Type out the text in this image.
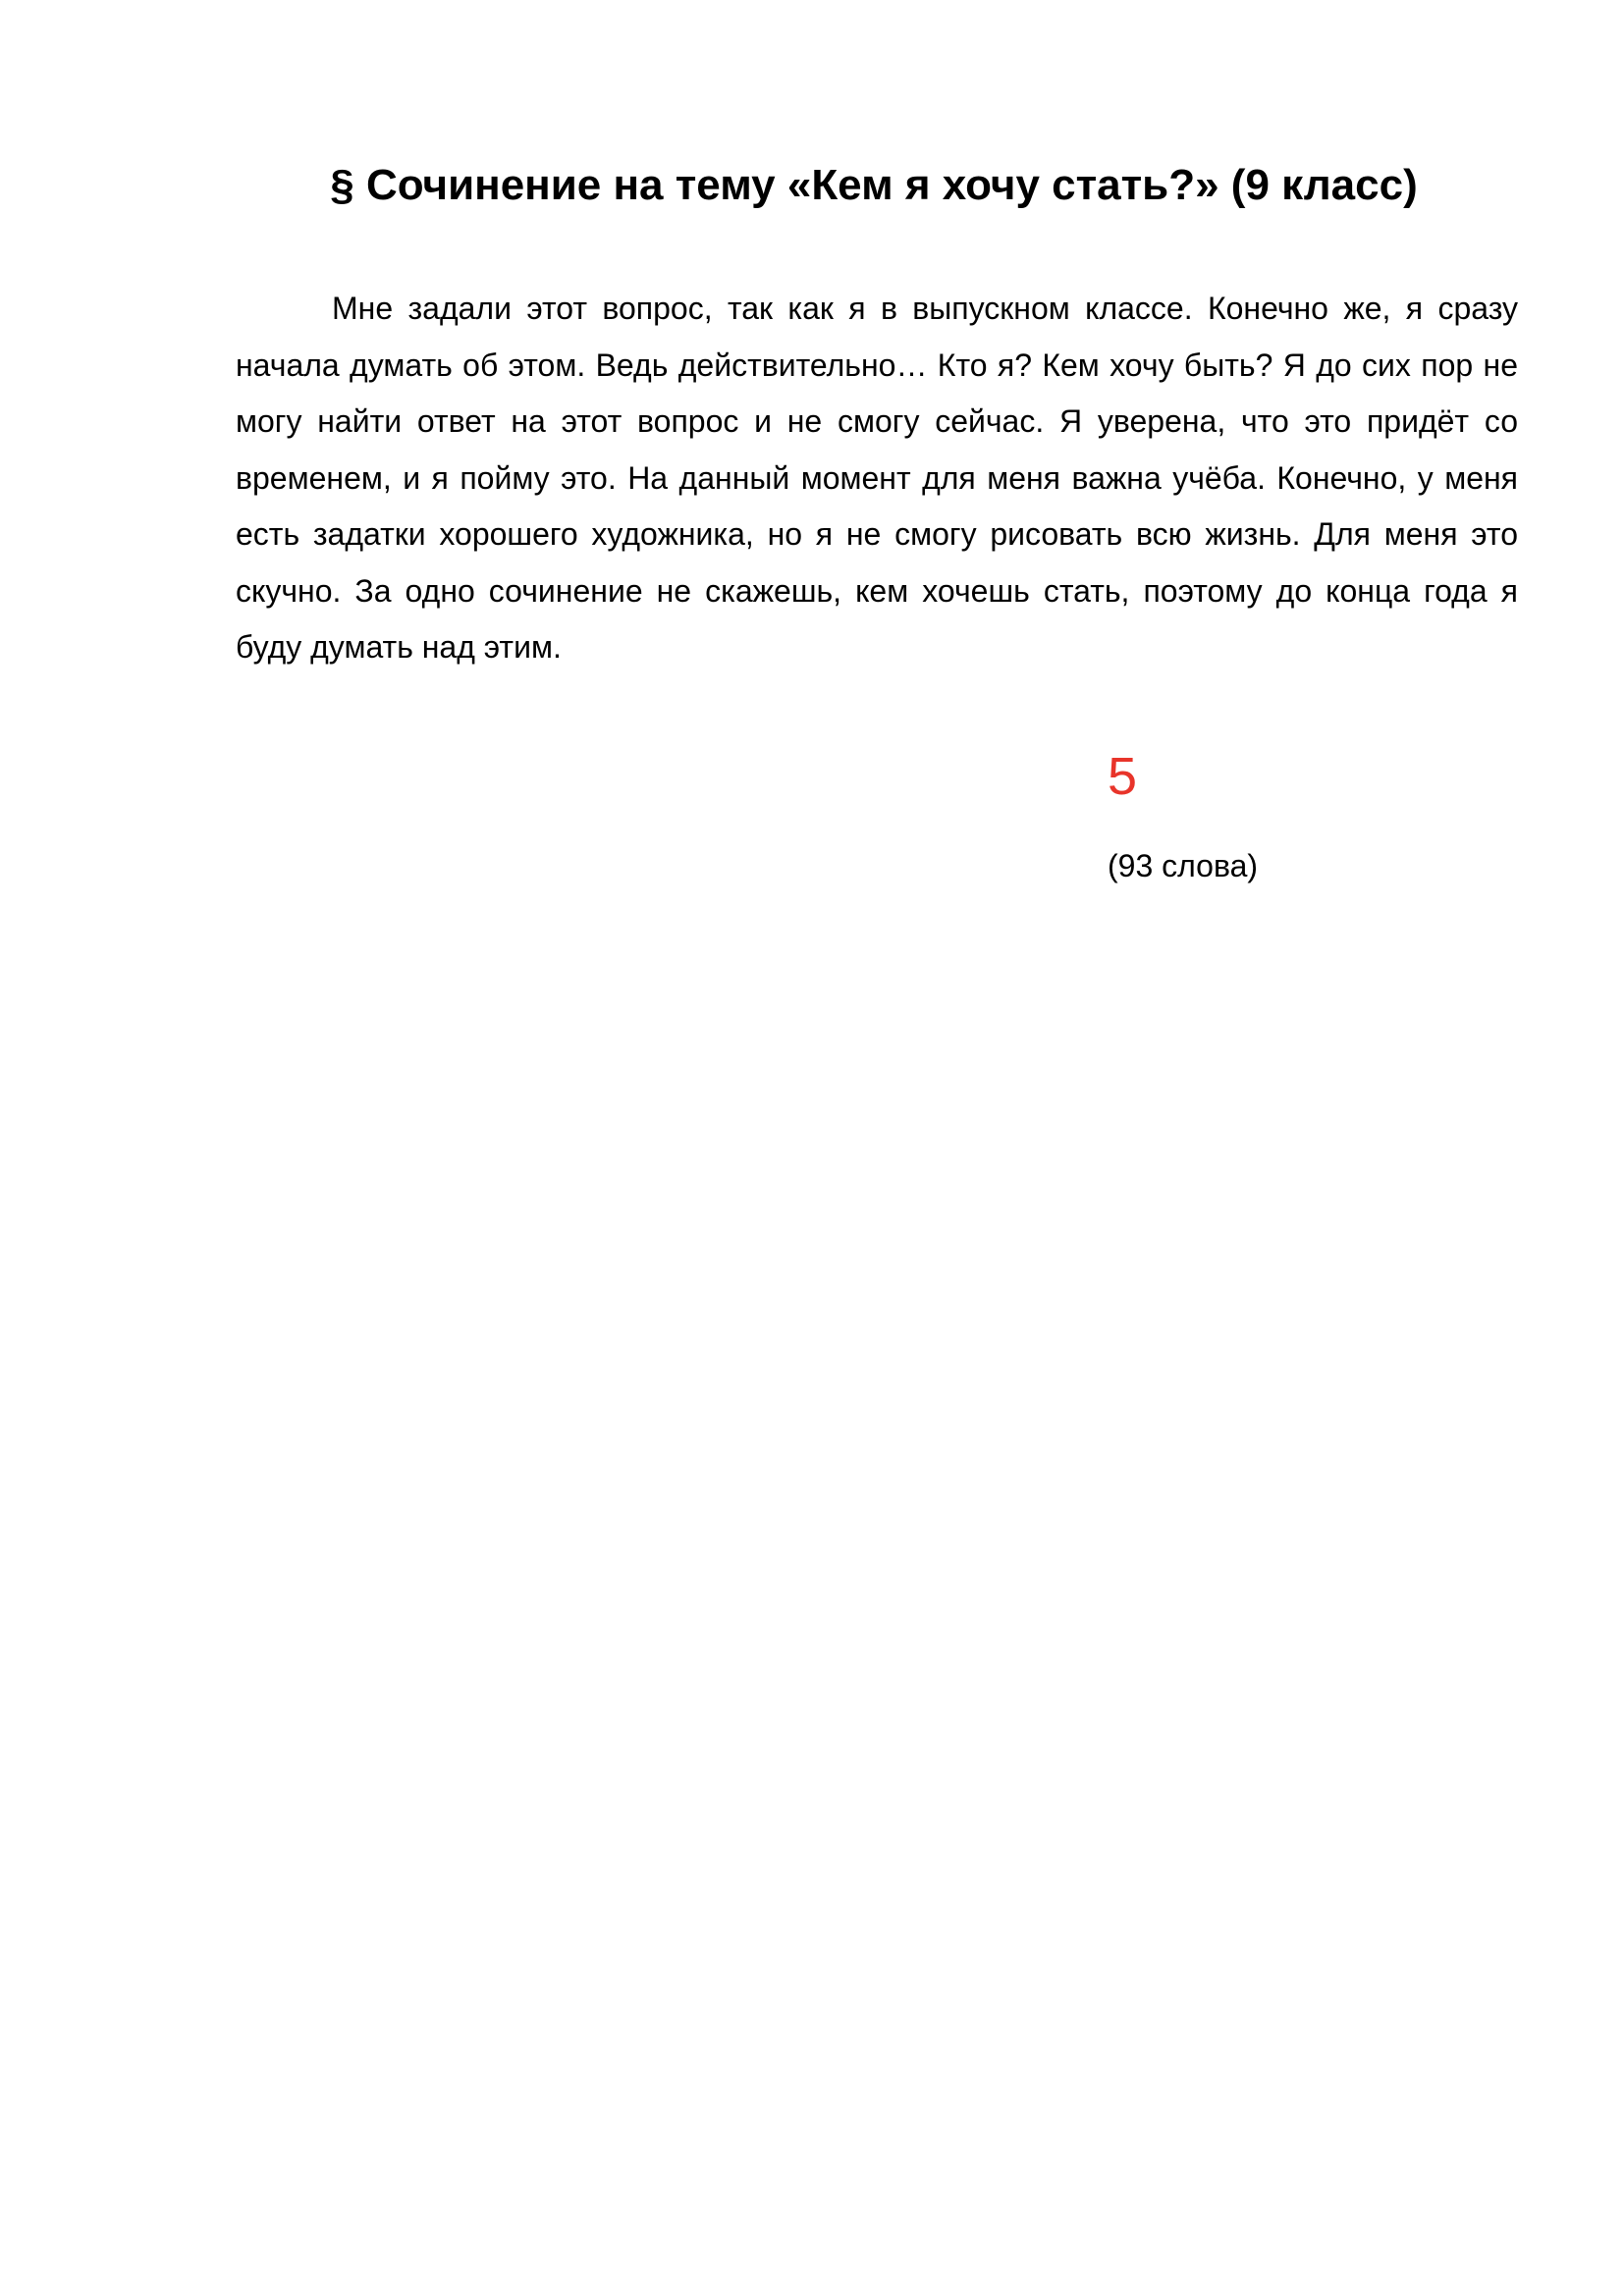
§ Сочинение на тему «Кем я хочу стать?» (9 класс)

Мне задали этот вопрос, так как я в выпускном классе. Конечно же, я сразу начала думать об этом. Ведь действительно… Кто я? Кем хочу быть? Я до сих пор не могу найти ответ на этот вопрос и не смогу сейчас. Я уверена, что это придёт со временем, и я пойму это. На данный момент для меня важна учёба. Конечно, у меня есть задатки хорошего художника, но я не смогу рисовать всю жизнь. Для меня это скучно. За одно сочинение не скажешь, кем хочешь стать, поэтому до конца года я буду думать над этим.

5
(93 слова)
